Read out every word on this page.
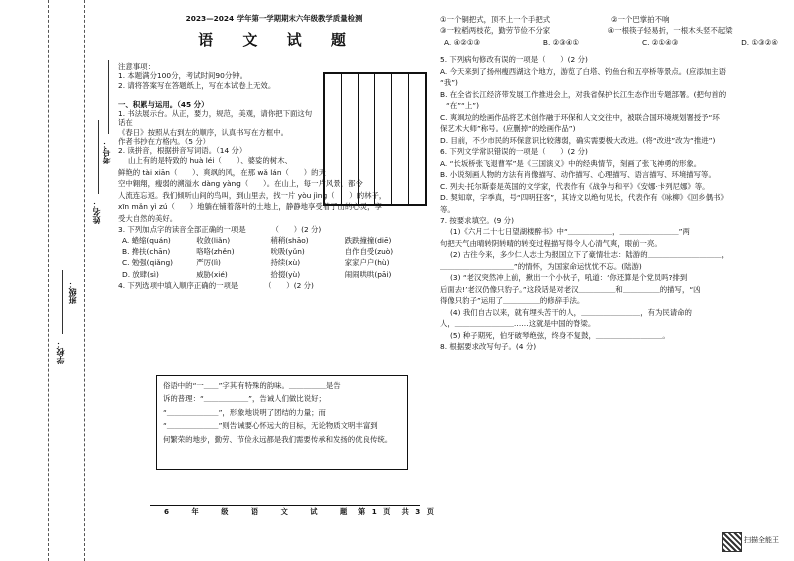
学校：
班级：
姓名：
考号：
2023—2024 学年第一学期期末六年级教学质量检测
语 文 试 题

注意事项：

1. 本题满分100分，考试时间90分钟。

2. 请将答案写在答题纸上，写在本试卷上无效。

一、积累与运用。（45 分）

1. 书法展示台。从正，要力，规范，美观，请你把下面这句话在

《春日》按照从右到左的顺序，认真书写在方框中。

作者书抄在方格内。（5 分）

2. 读拼音，根据拼音写词语。（14 分）

山上有的是特致的 huà léi（　　）、婆娑的树木、

鲜艳的 tài xiān（　　）、爽飒的风，在那 wǎ lán（　　）的天

空中翱翔，瘦弱的溯溢水 dàng yàng（　　）。在山上，每一片风景，都令

人流连忘返。我们倾听山间的鸟叫，到山里去，找一片 yòu jìng（　　）的林子，

xīn mǎn yì zú（　　）地躺在铺着落叶的土地上，静静地享受着了山的心灵，享

受大自然的美好。

3. 下列加点字的读音全部正确的一项是　　　　（　　）(2 分)

A. 蜷缩(quán)	收敛(liǎn)	稍稍(shāo)	跌跌撞撞(diē)
B. 搀扶(chān)	咯咯(zhěn)	吮吸(yǔn)	自作自受(zuò)
C. 勉强(qiǎng)	严厉(lì)	持续(xù)	家家户户(hù)
D. 放肆(sì)	威胁(xié)	拾掇(yù)	闹闹哄哄(pāi)

4. 下列选项中填入顺序正确的一项是　　　　（　　）(2 分)

俗语中的“一＿＿”字其有特殊的韵味。＿＿＿＿＿是告

诉的普理：“＿＿＿＿＿＿”，告诫人们做比说好；

“＿＿＿＿＿＿＿”，形象地说明了团结的力量；而

“＿＿＿＿＿＿＿”则告诫要心怀远大的目标，无论物质文明丰富到

何繁荣的地步，勤劳、节俭永远都是我们需要传承和发扬的优良传统。

6 年 级 语 文 试 题 第 1 页　共 3 页
①一个铜把式，顶不上一个手把式	②一个巴掌拍不响
③一粒稻两枝花，勤劳节俭不分家	④一根筷子轻易折，一根木头竖不起梁
A. ④②①③	B. ②③④①	C. ②①④③	D. ①③②④

5. 下列病句修改有误的一项是（　　）(2 分)

A. 今天来到了扬州瘦西湖这个地方，游览了白塔、钓鱼台和五亭桥等景点。(应添加主语

“我”)

B. 在全省长江经济带发展工作推进会上，对我省保护长江生态作出专题部署。(把句首的

“在”“上”)

C. 爽飒垃的绘画作品将艺术创作融于环保和人文交往中，被联合国环境规划署授予“环

保艺术大师”称号。(应删掉“的绘画作品”)

D. 目前，不少市民的环保意识比较薄弱，确实需要极大改进。(将“改进”改为“推进”)

6. 下列文学常识错误的一项是（　　）(2 分)

A. “长坂桥张飞退曹军”是《三国演义》中的经典情节，刻画了张飞神勇的形象。

B. 小说刻画人物的方法有肖像描写、动作描写、心理描写、语言描写、环境描写等。

C. 列夫·托尔斯泰是英国的文学家，代表作有《战争与和平》《安娜·卡列尼娜》等。

D. 契知章，字季真，号“四明狂客”，其诗文以绝句见长，代表作有《咏柳》《回乡偶书》

等。

7. 按要求填空。(9 分)

(1)《六月二十七日望湖楼醉书》中“＿＿＿＿＿＿，＿＿＿＿＿＿＿＿”两

句把天气由晴转阴转晴的转变过程描写得令人心清气爽，眼前一亮。

(2) 古往今来，多少仁人志士为报国立下了豪情壮志：陆游的＿＿＿＿＿＿＿＿＿＿，

＿＿＿＿＿＿＿＿＿＿”的情怀，为国家命运忧忧不忘。(陆游)

(3) “老汉突然冲上前，揪出一个小伙子，吼道：‘你还算是个党员吗?排到

后面去!’老汉仍像只豹子。”这段话是对老汉＿＿＿＿＿和＿＿＿＿＿的描写，“凶

得像只豹子”运用了＿＿＿＿＿的修辞手法。

(4) 我们自古以来，就有埋头苦干的人，＿＿＿＿＿＿＿＿，有为民请命的

人，＿＿＿＿＿＿＿＿……这就是中国的脊梁。

(5) 种子期死，伯牙破琴绝弦，终身不复鼓，＿＿＿＿＿＿＿＿＿。

8. 根据要求改写句子。(4 分)

扫描全能王
